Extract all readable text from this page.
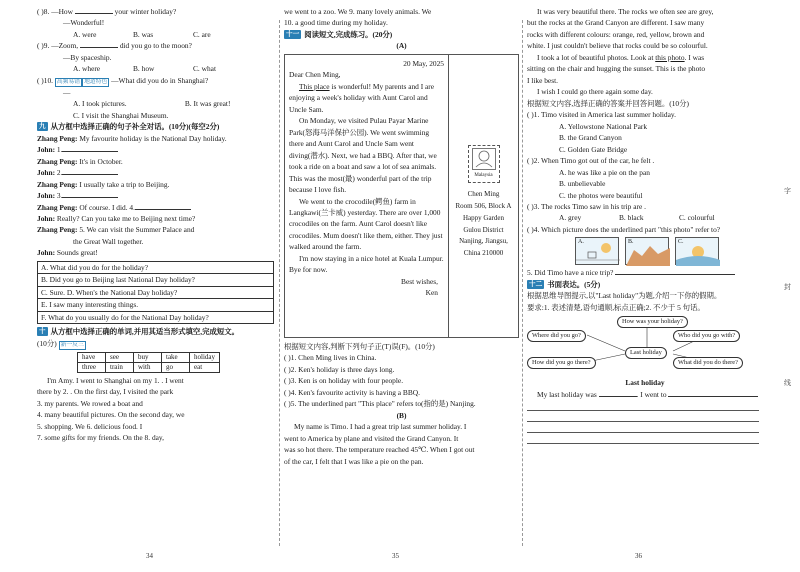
( )8. —How	your winter holiday?
—Wonderful!
A. were	B. was	C. are
( )9. —Zoom,	did you go to the moon?
—By spaceship.
A. where	B. how	C. what
( )10. 高频易错 地道特色 —What did you do in Shanghai?
—
A. I took pictures.	B. It was great!
C. I visit the Shanghai Museum.
九 从方框中选择正确的句子补全对话。(10分)(每空2分)
Zhang Peng: My favourite holiday is the National Day holiday.
John: 1.
Zhang Peng: It's in October.
John: 2.
Zhang Peng: I usually take a trip to Beijing.
John: 3.
Zhang Peng: Of course. I did. 4.
John: Really? Can you take me to Beijing next time?
Zhang Peng: 5. We can visit the Summer Palace and
the Great Wall together.
John: Sounds great!
A. What did you do for the holiday?
B. Did you go to Beijing last National Day holiday?
C. Sure. D. When's the National Day holiday?
E. I saw many interesting things.
F. What do you usually do for the National Day holiday?
十 从方框中选择正确的单词,并用其适当形式填空,完成短文。
(10分) 新一反三
have	see	buy	take	holiday
three	train	with	go	eat
I'm Amy. I went to Shanghai on my 1. . I went
there by 2. . On the first day, I visited the park
3. my parents. We rowed a boat and
4. many beautiful pictures. On the second day, we
5. shopping. We 6. delicious food. I
7. some gifts for my friends. On the 8. day,
34
we went to a zoo. We 9. many lovely animals. We
10. a good time during my holiday.
十一 阅读短文,完成练习。(20分)
(A)
20 May, 2025
Dear Chen Ming,

This place is wonderful! My parents and I are enjoying a week's holiday with Aunt Carol and Uncle Sam.

On Monday, we visited Pulau Payar Marine Park(怒海马洋保护公园). We went swimming there and Aunt Carol and Uncle Sam went diving(潜水). Next, we had a BBQ. After that, we took a ride on a boat and saw a lot of sea animals. This was the most(最) wonderful part of the trip because I love fish.

We went to the crocodile(鳄鱼) farm in Langkawi(兰卡威) yesterday. There are over 1,000 crocodiles on the farm. Aunt Carol doesn't like crocodiles. Mum doesn't like them, either. They just walked around the farm.

I'm now staying in a nice hotel at Kuala Lumpur. Bye for now.

Best wishes,
Ken
Malaysia
Chen Ming
Room 506, Block A
Happy Garden
Gulou District
Nanjing, Jiangsu,
China 210000
根据短文内容,判断下列句子正(T)误(F)。(10分)
( )1. Chen Ming lives in China.
( )2. Ken's holiday is three days long.
( )3. Ken is on holiday with four people.
( )4. Ken's favourite activity is having a BBQ.
( )5. The underlined part "This place" refers to(指的是) Nanjing.
(B)
My name is Timo. I had a great trip last summer holiday. I
went to America by plane and visited the Grand Canyon. It
was so hot there. The temperature reached 45℃. When I got out
of the car, I felt that I was like a pie on the pan.
35
It was very beautiful there. The rocks we often see are grey,
but the rocks at the Grand Canyon are different. I saw many
rocks with different colours: orange, red, yellow, brown and
white. I just couldn't believe that rocks could be so colourful.
I took a lot of beautiful photos. Look at this photo. I was
sitting on the chair and hugging the sunset. This is the photo
I like best.
I wish I could go there again some day.
根据短文内容,选择正确的答案并回答问题。(10分)
( )1. Timo visited in America last summer holiday.
A. Yellowstone National Park
B. the Grand Canyon
C. Golden Gate Bridge
( )2. When Timo got out of the car, he felt .
A. he was like a pie on the pan
B. unbelievable
C. the photos were beautiful
( )3. The rocks Timo saw in his trip are .
A. grey	B. black	C. colourful
( )4. Which picture does the underlined part "this photo" refer to?
A.	B.	C.
5. Did Timo have a nice trip?
十二 书面表达。(5分)
根据思维导图提示,以"Last holiday"为题,介绍一下你的假期。
要求:1. 表述清楚,语句通顺,标点正确;2. 不少于 5 句话。
How was your holiday?
Where did you go?
How did you go there?
Last holiday
Who did you go with?
What did you do there?
Last holiday
My last holiday was	. I went to
36
字
封
线
